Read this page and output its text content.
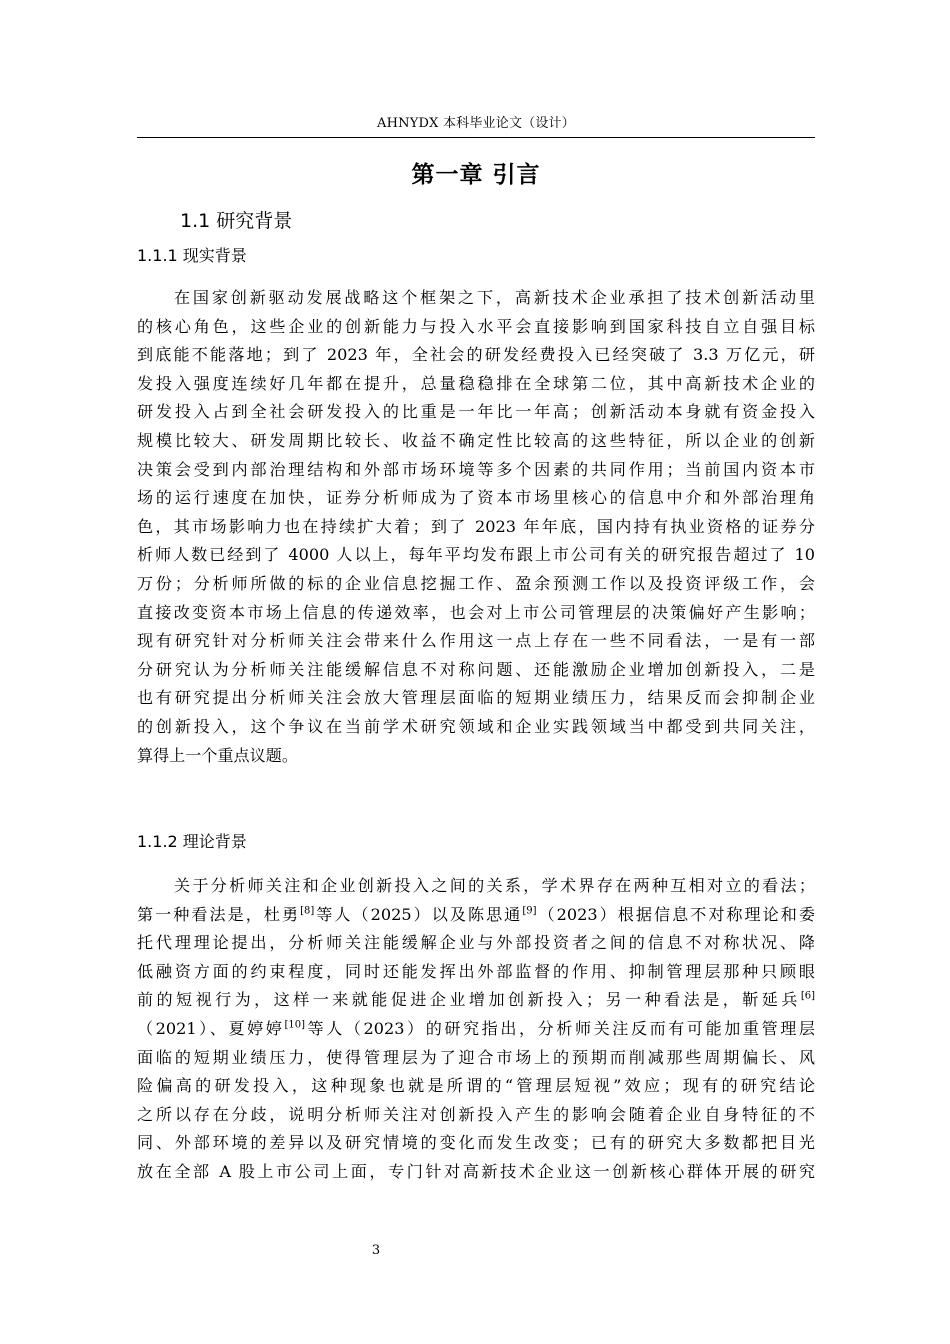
AHNYDX 本科毕业论文（设计）
第一章 引言
1.1 研究背景
1.1.1 现实背景
在国家创新驱动发展战略这个框架之下，高新技术企业承担了技术创新活动里
的核心角色，这些企业的创新能力与投入水平会直接影响到国家科技自立自强目标
到底能不能落地；到了 2023 年，全社会的研发经费投入已经突破了 3.3 万亿元，研
发投入强度连续好几年都在提升，总量稳稳排在全球第二位，其中高新技术企业的
研发投入占到全社会研发投入的比重是一年比一年高；创新活动本身就有资金投入
规模比较大、研发周期比较长、收益不确定性比较高的这些特征，所以企业的创新
决策会受到内部治理结构和外部市场环境等多个因素的共同作用；当前国内资本市
场的运行速度在加快，证券分析师成为了资本市场里核心的信息中介和外部治理角
色，其市场影响力也在持续扩大着；到了 2023 年年底，国内持有执业资格的证券分
析师人数已经到了 4000 人以上，每年平均发布跟上市公司有关的研究报告超过了 10
万份；分析师所做的标的企业信息挖掘工作、盈余预测工作以及投资评级工作，会
直接改变资本市场上信息的传递效率，也会对上市公司管理层的决策偏好产生影响；
现有研究针对分析师关注会带来什么作用这一点上存在一些不同看法，一是有一部
分研究认为分析师关注能缓解信息不对称问题、还能激励企业增加创新投入，二是
也有研究提出分析师关注会放大管理层面临的短期业绩压力，结果反而会抑制企业
的创新投入，这个争议在当前学术研究领域和企业实践领域当中都受到共同关注，
算得上一个重点议题。
1.1.2 理论背景
关于分析师关注和企业创新投入之间的关系，学术界存在两种互相对立的看法；
第一种看法是，杜勇[8]等人（2025）以及陈思通[9]（2023）根据信息不对称理论和委
托代理理论提出，分析师关注能缓解企业与外部投资者之间的信息不对称状况、降
低融资方面的约束程度，同时还能发挥出外部监督的作用、抑制管理层那种只顾眼
前的短视行为，这样一来就能促进企业增加创新投入；另一种看法是，靳延兵[6]
（2021）、夏婷婷[10]等人（2023）的研究指出，分析师关注反而有可能加重管理层
面临的短期业绩压力，使得管理层为了迎合市场上的预期而削减那些周期偏长、风
险偏高的研发投入，这种现象也就是所谓的“管理层短视”效应；现有的研究结论
之所以存在分歧，说明分析师关注对创新投入产生的影响会随着企业自身特征的不
同、外部环境的差异以及研究情境的变化而发生改变；已有的研究大多数都把目光
放在全部 A 股上市公司上面，专门针对高新技术企业这一创新核心群体开展的研究
3
